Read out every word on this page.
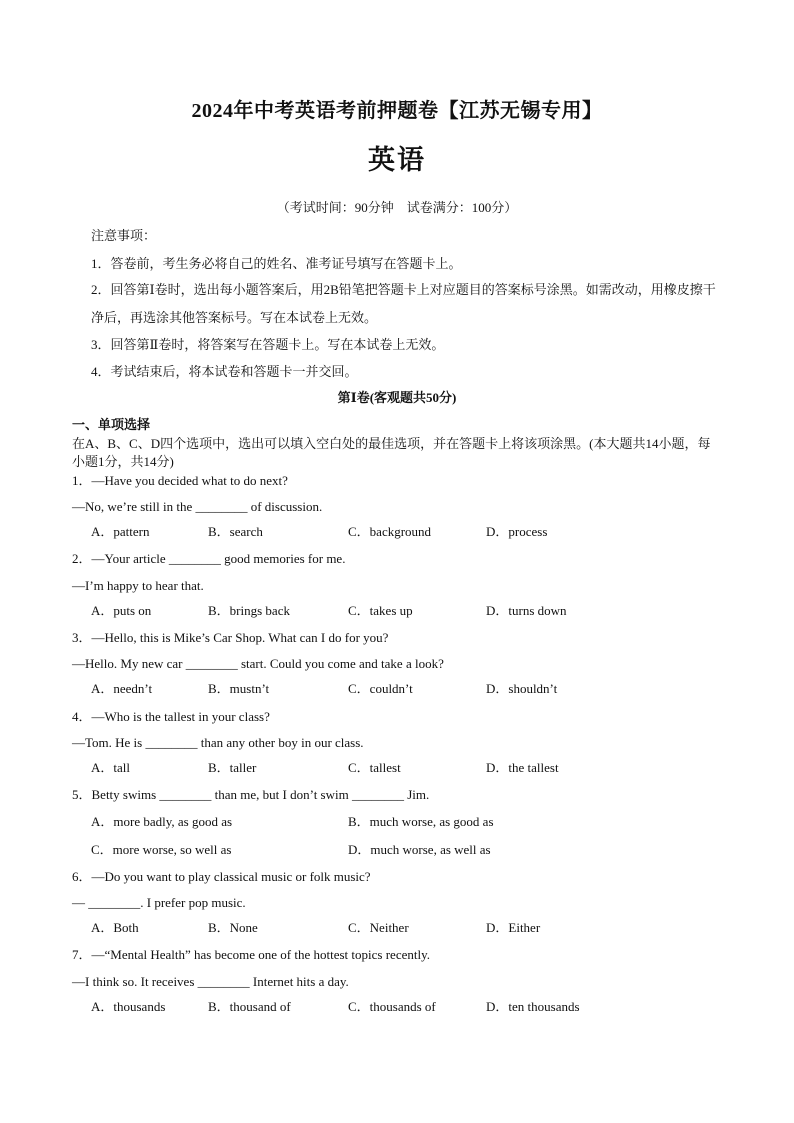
2024年中考英语考前押题卷【江苏无锡专用】
英语
（考试时间：90分钟　试卷满分：100分）
注意事项：
1．答卷前，考生务必将自己的姓名、准考证号填写在答题卡上。
2．回答第Ⅰ卷时，选出每小题答案后，用2B铅笔把答题卡上对应题目的答案标号涂黑。如需改动，用橡皮擦干净后，再选涂其他答案标号。写在本试卷上无效。
3．回答第Ⅱ卷时，将答案写在答题卡上。写在本试卷上无效。
4．考试结束后，将本试卷和答题卡一并交回。
第Ⅰ卷(客观题共50分)
一、单项选择
在A、B、C、D四个选项中，选出可以填入空白处的最佳选项，并在答题卡上将该项涂黑。(本大题共14小题，每小题1分，共14分)
1．—Have you decided what to do next?
—No, we’re still in the ________ of discussion.
A．pattern	B．search	C．background	D．process
2．—Your article ________ good memories for me.
—I’m happy to hear that.
A．puts on	B．brings back	C．takes up	D．turns down
3．—Hello, this is Mike’s Car Shop. What can I do for you?
—Hello. My new car ________ start. Could you come and take a look?
A．needn’t	B．mustn’t	C．couldn’t	D．shouldn’t
4．—Who is the tallest in your class?
—Tom. He is ________ than any other boy in our class.
A．tall	B．taller	C．tallest	D．the tallest
5．Betty swims ________ than me, but I don’t swim ________ Jim.
A．more badly, as good as	B．much worse, as good as
C．more worse, so well as	D．much worse, as well as
6．—Do you want to play classical music or folk music?
— ________. I prefer pop music.
A．Both	B．None	C．Neither	D．Either
7．—“Mental Health” has become one of the hottest topics recently.
—I think so. It receives ________ Internet hits a day.
A．thousands	B．thousand of	C．thousands of	D．ten thousands
